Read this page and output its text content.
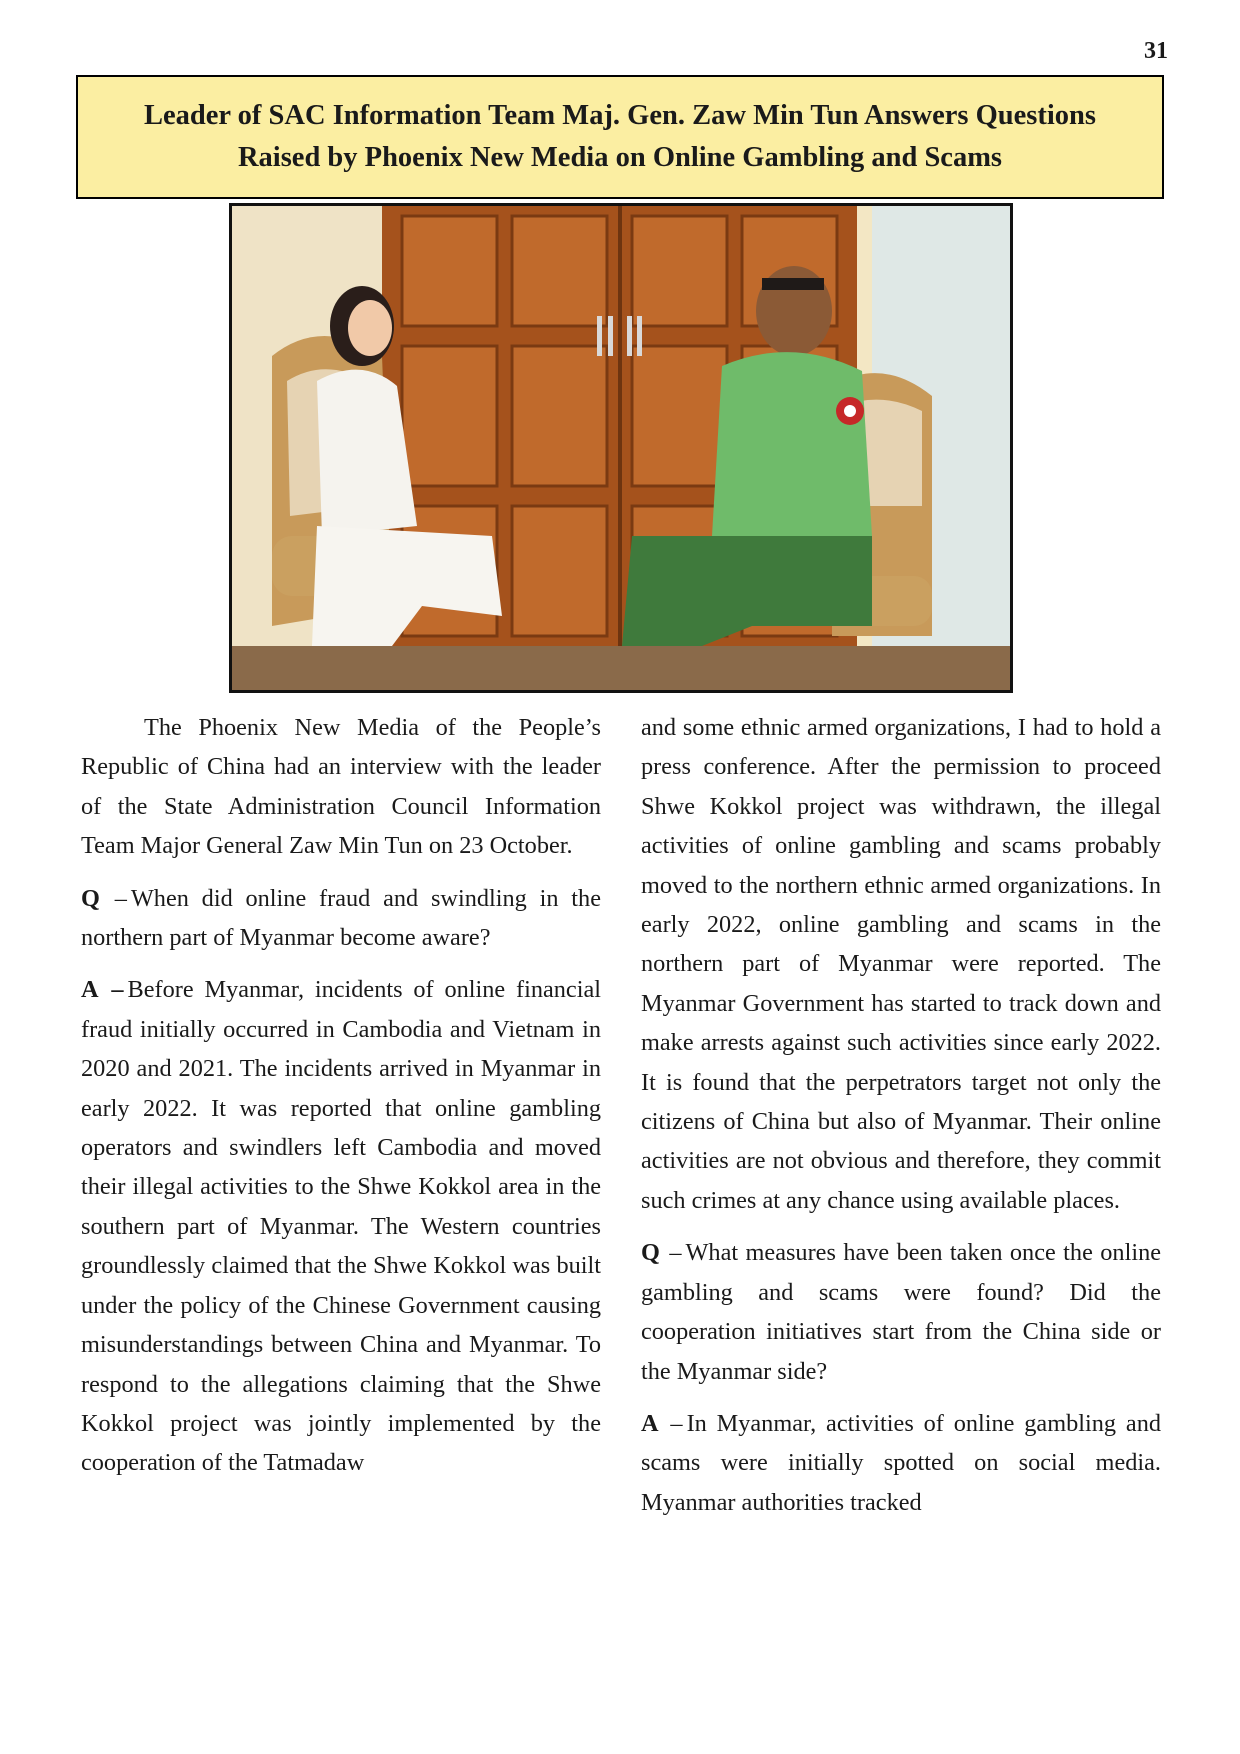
31
Leader of SAC Information Team Maj. Gen. Zaw Min Tun Answers Questions
Raised by Phoenix New Media on Online Gambling and Scams

The Phoenix New Media of the People’s Republic of China had an interview with the leader of the State Administration Council Information Team Major General Zaw Min Tun on 23 October.

Q – When did online fraud and swindling in the northern part of Myanmar become aware?

A – Before Myanmar, incidents of online financial fraud initially occurred in Cambodia and Vietnam in 2020 and 2021. The incidents arrived in Myanmar in early 2022. It was reported that online gambling operators and swindlers left Cambodia and moved their illegal activities to the Shwe Kokkol area in the southern part of Myanmar. The Western countries groundlessly claimed that the Shwe Kokkol was built under the policy of the Chinese Government causing misunderstandings between China and Myanmar. To respond to the allegations claiming that the Shwe Kokkol project was jointly implemented by the cooperation of the Tatmadaw

and some ethnic armed organizations, I had to hold a press conference. After the permission to proceed Shwe Kokkol project was withdrawn, the illegal activities of online gambling and scams probably moved to the northern ethnic armed organizations. In early 2022, online gambling and scams in the northern part of Myanmar were reported. The Myanmar Government has started to track down and make arrests against such activities since early 2022. It is found that the perpetrators target not only the citizens of China but also of Myanmar. Their online activities are not obvious and therefore, they commit such crimes at any chance using available places.

Q – What measures have been taken once the online gambling and scams were found? Did the cooperation initiatives start from the China side or the Myanmar side?

A – In Myanmar, activities of online gambling and scams were initially spotted on social media. Myanmar authorities tracked
